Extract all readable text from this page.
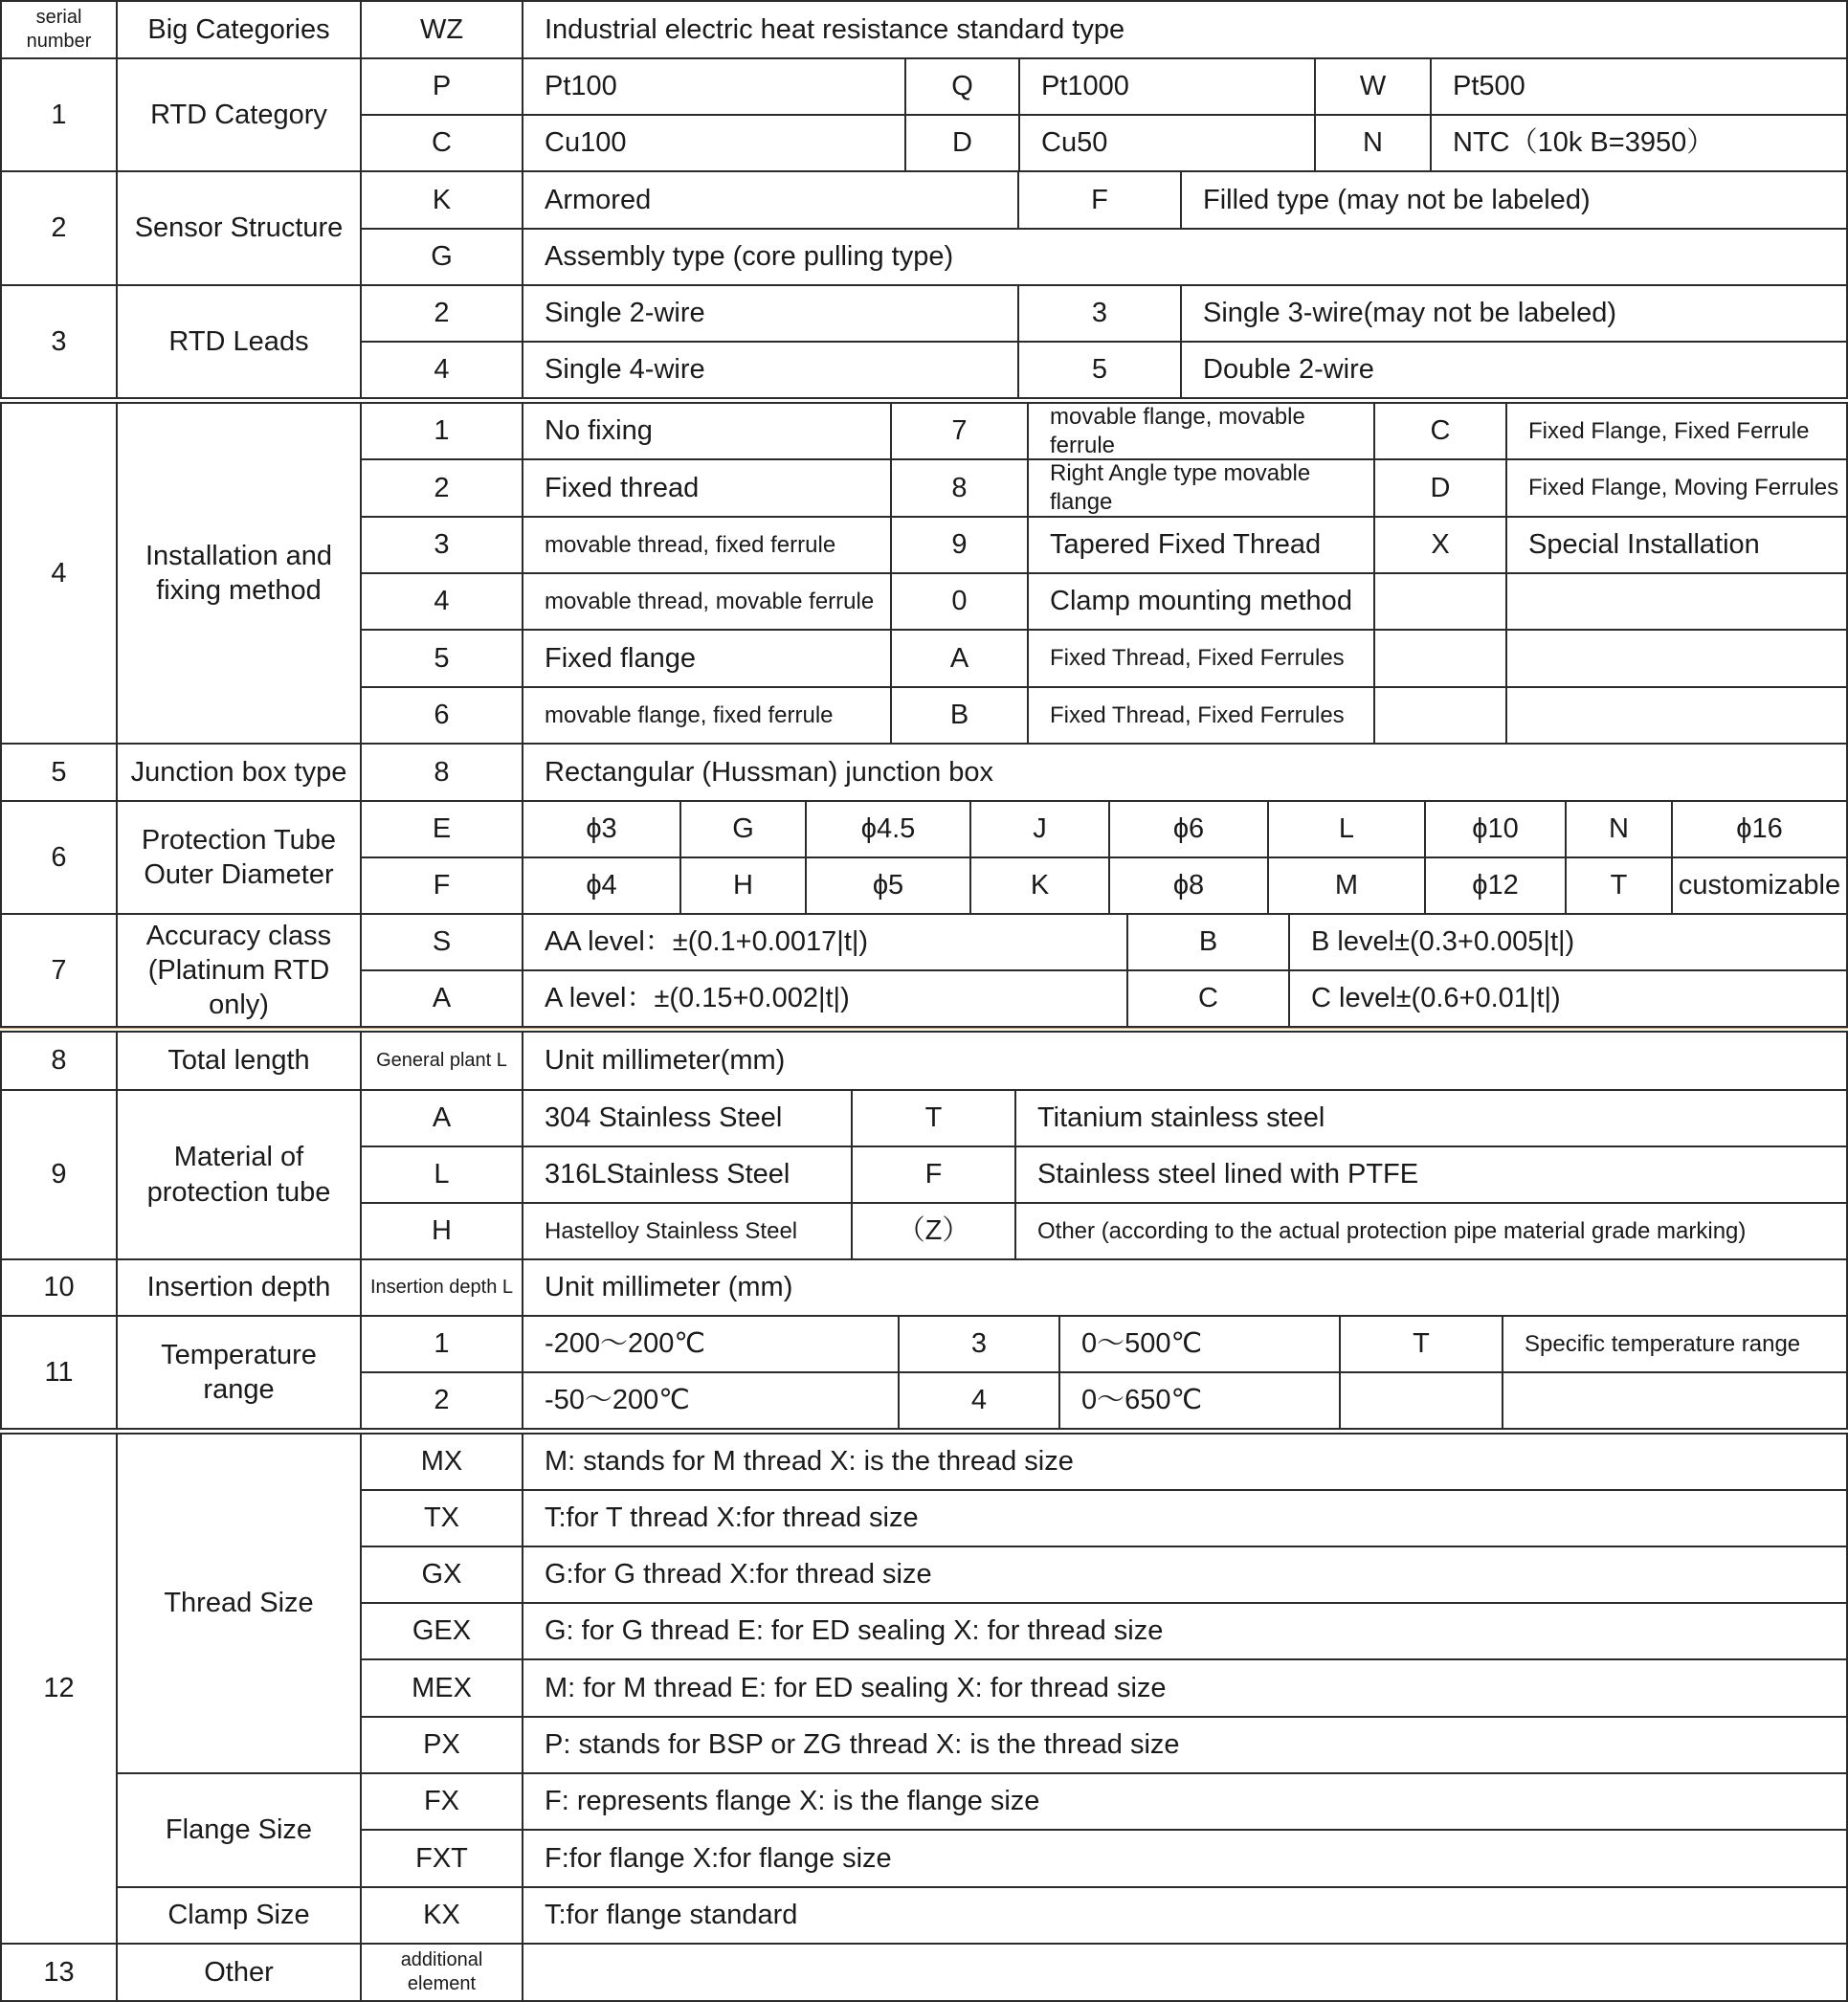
serial number	Big Categories	WZ	Industrial electric heat resistance standard type
1	RTD Category
P	Pt100	Q	Pt1000	W	Pt500
C	Cu100	D	Cu50	N	NTC（10k B=3950）
2	Sensor Structure
K	Armored	F	Filled type (may not be labeled)
G	Assembly type (core pulling type)
3	RTD Leads
2	Single 2-wire	3	Single 3-wire(may not be labeled)
4	Single 4-wire	5	Double 2-wire
4
Installation and fixing method
1	No fixing	7	movable flange, movable ferrule	C	Fixed Flange, Fixed Ferrule
2	Fixed thread	8	Right Angle type movable flange	D	Fixed Flange, Moving Ferrules
3	movable thread, fixed ferrule	9	Tapered Fixed Thread	X	Special Installation
4	movable thread, movable ferrule	0	Clamp mounting method
5	Fixed flange	A	Fixed Thread, Fixed Ferrules
6	movable flange, fixed ferrule	B	Fixed Thread, Fixed Ferrules
5	Junction box type	8	Rectangular (Hussman) junction box
6
Protection Tube Outer Diameter
E	ϕ3	G	ϕ4.5	J	ϕ6	L	ϕ10	N	ϕ16
F	ϕ4	H	ϕ5	K	ϕ8	M	ϕ12	T	customizable
7
Accuracy class (Platinum RTD only)
S	AA level：±(0.1+0.0017|t|)	B	B level±(0.3+0.005|t|)
A	A level：±(0.15+0.002|t|)	C	C level±(0.6+0.01|t|)
8	Total length	General plant L	Unit millimeter(mm)
9
Material of protection tube
A	304 Stainless Steel	T	Titanium stainless steel
L	316LStainless Steel	F	Stainless steel lined with PTFE
H	Hastelloy Stainless Steel	（Z）	Other (according to the actual protection pipe material grade marking)
10	Insertion depth	Insertion depth L	Unit millimeter (mm)
11
Temperature range
1	-200～200℃	3	0～500℃	T	Specific temperature range
2	-50～200℃	4	0～650℃
12
Thread Size
MX	M: stands for M thread X: is the thread size
TX	T:for T thread X:for thread size
GX	G:for G thread X:for thread size
GEX	G: for G thread E: for ED sealing X: for thread size
MEX	M: for M thread E: for ED sealing X: for thread size
PX	P: stands for BSP or ZG thread X: is the thread size
Flange Size
FX	F: represents flange X: is the flange size
FXT	F:for flange X:for flange size
Clamp Size	KX	T:for flange standard
13	Other	additional element
